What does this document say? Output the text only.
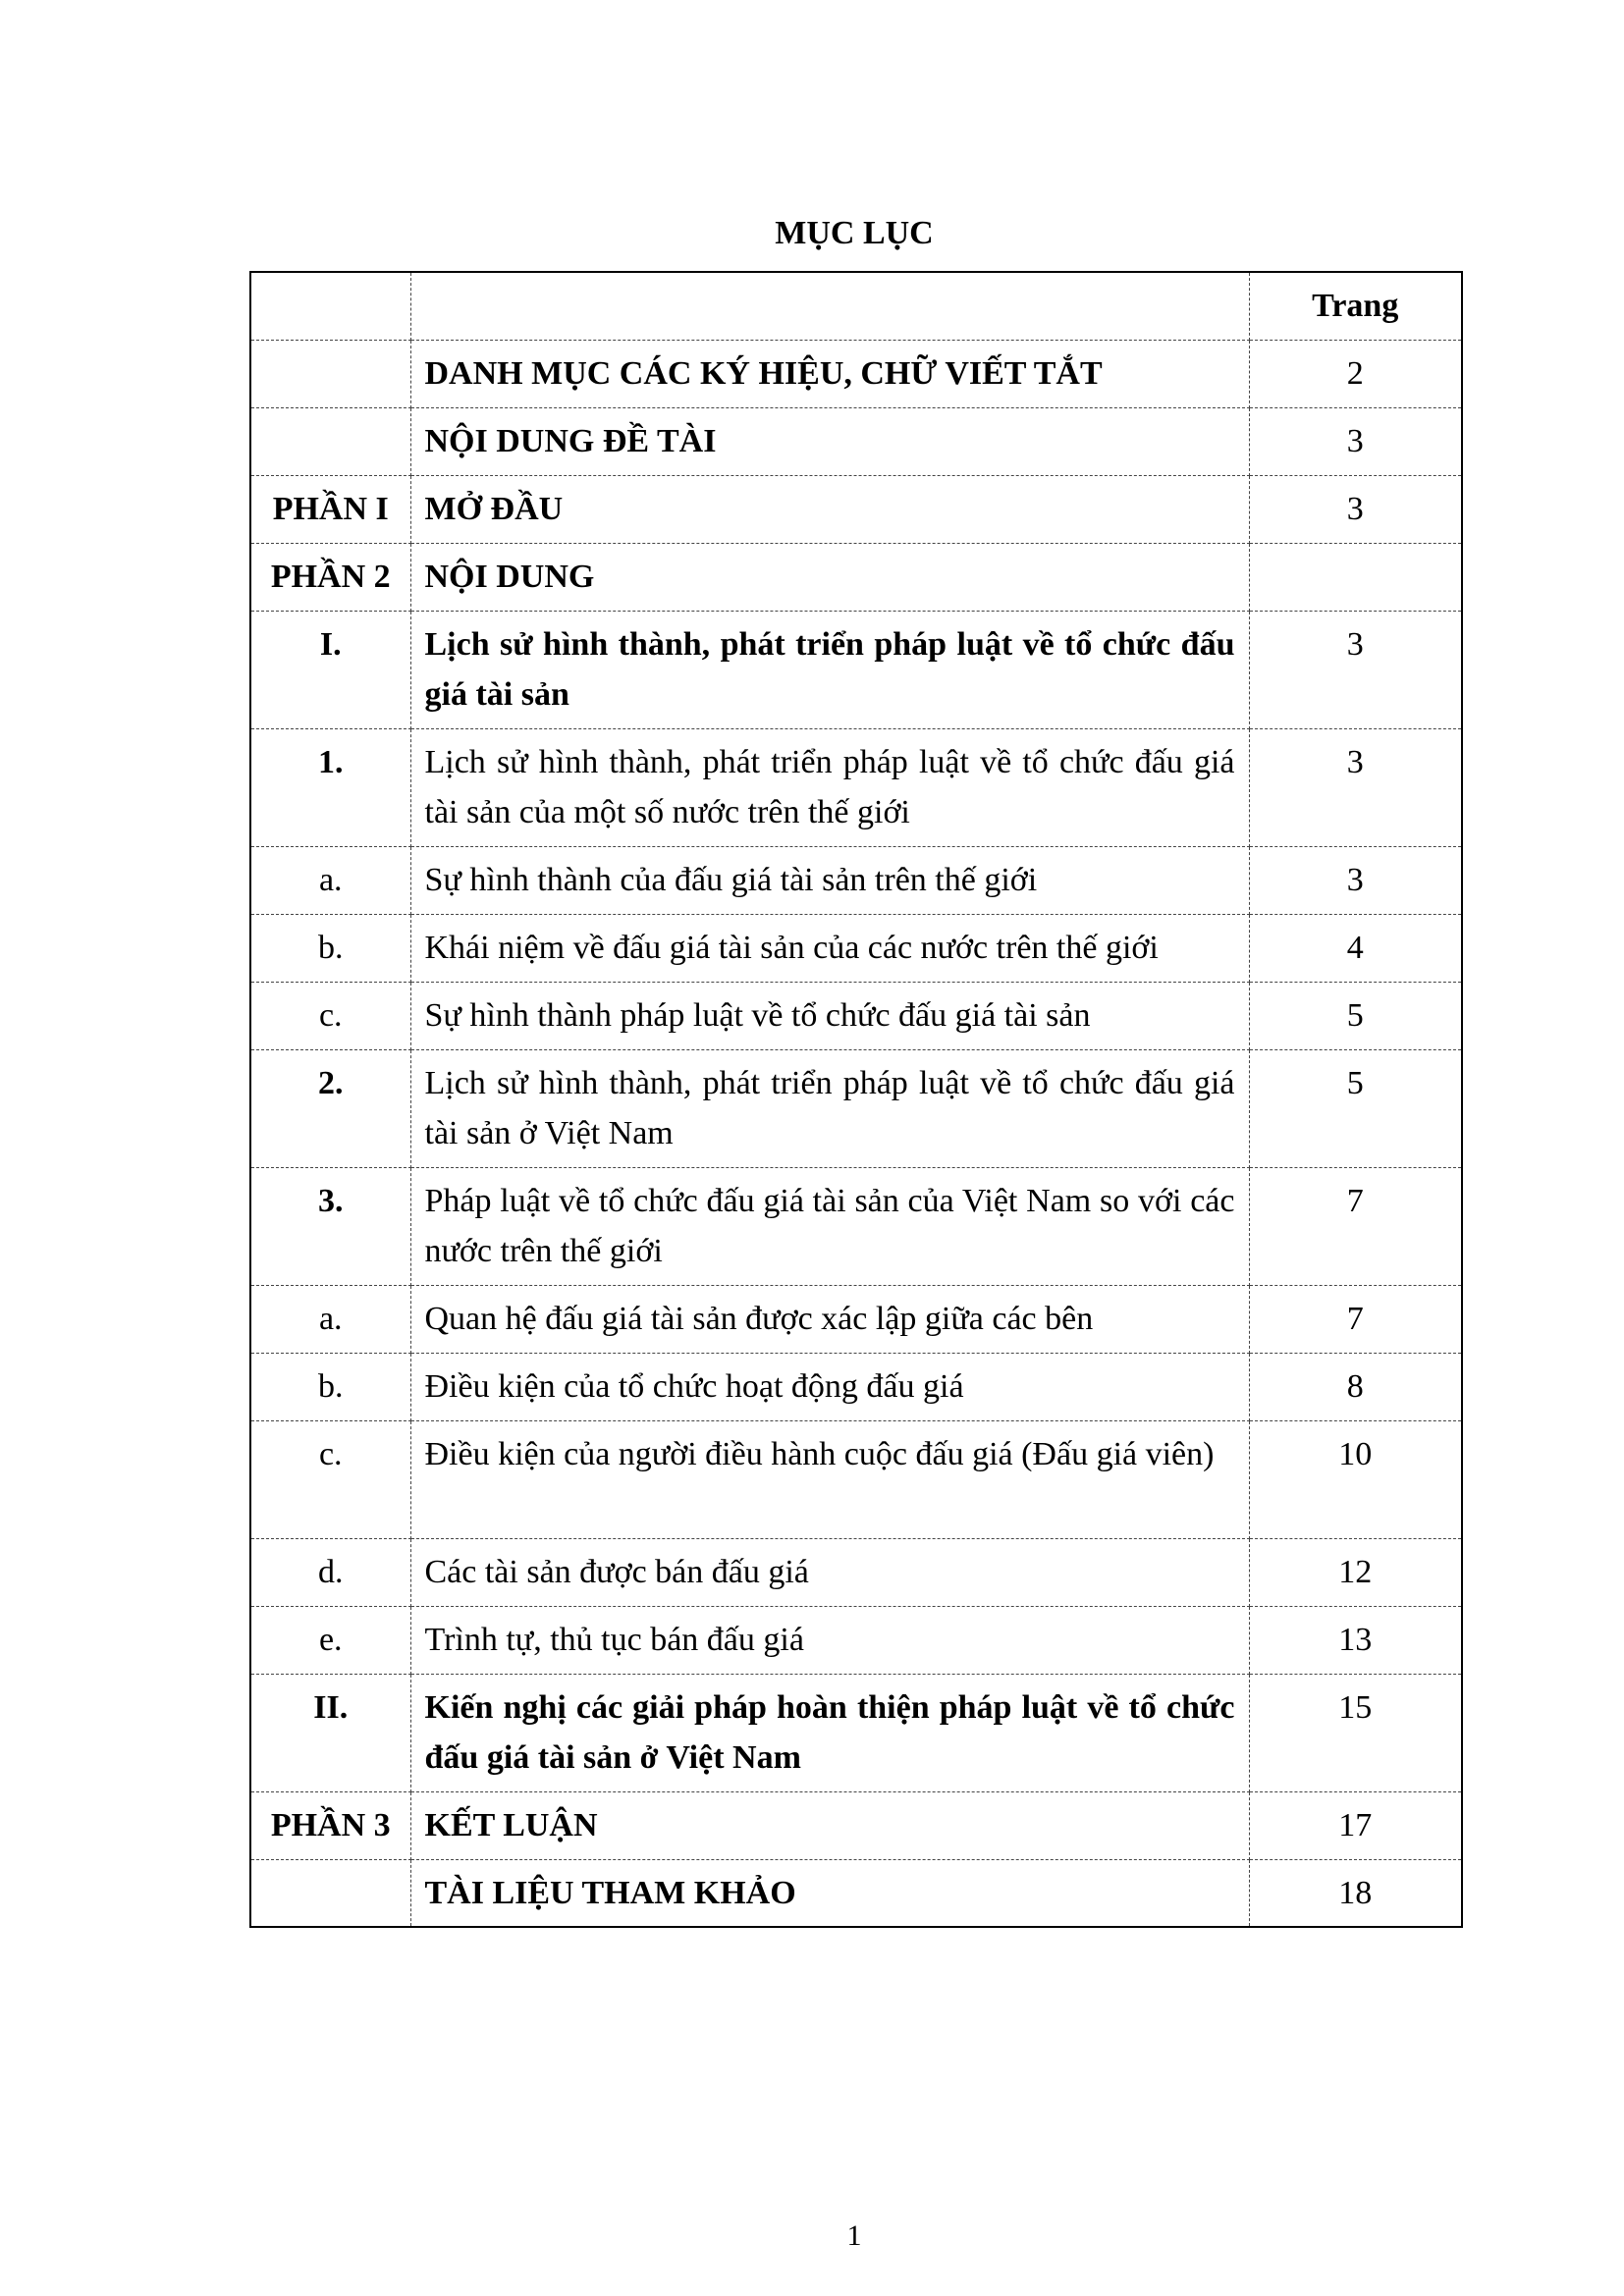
MỤC LỤC
		Trang
	DANH MỤC CÁC KÝ HIỆU, CHỮ VIẾT TẮT	2
	NỘI DUNG ĐỀ TÀI	3
PHẦN I	MỞ ĐẦU	3
PHẦN 2	NỘI DUNG	
I.	Lịch sử hình thành, phát triển pháp luật về tổ chức đấu giá tài sản	3
1.	Lịch sử hình thành, phát triển pháp luật về tổ chức đấu giá tài sản của một số nước trên thế giới	3
a.	Sự hình thành của đấu giá tài sản trên thế giới	3
b.	Khái niệm về đấu giá tài sản của các nước trên thế giới	4
c.	Sự hình thành pháp luật về tổ chức đấu giá tài sản	5
2.	Lịch sử hình thành, phát triển pháp luật về tổ chức đấu giá tài sản ở Việt Nam	5
3.	Pháp luật về tổ chức đấu giá tài sản của Việt Nam so với các nước trên thế giới	7
a.	Quan hệ đấu giá tài sản được xác lập giữa các bên	7
b.	Điều kiện của tổ chức hoạt động đấu giá	8
c.	Điều kiện của người điều hành cuộc đấu giá (Đấu giá viên)	10
d.	Các tài sản được bán đấu giá	12
e.	Trình tự, thủ tục bán đấu giá	13
II.	Kiến nghị các giải pháp hoàn thiện pháp luật về tổ chức đấu giá tài sản ở Việt Nam	15
PHẦN 3	KẾT LUẬN	17
	TÀI LIỆU THAM KHẢO	18
1
